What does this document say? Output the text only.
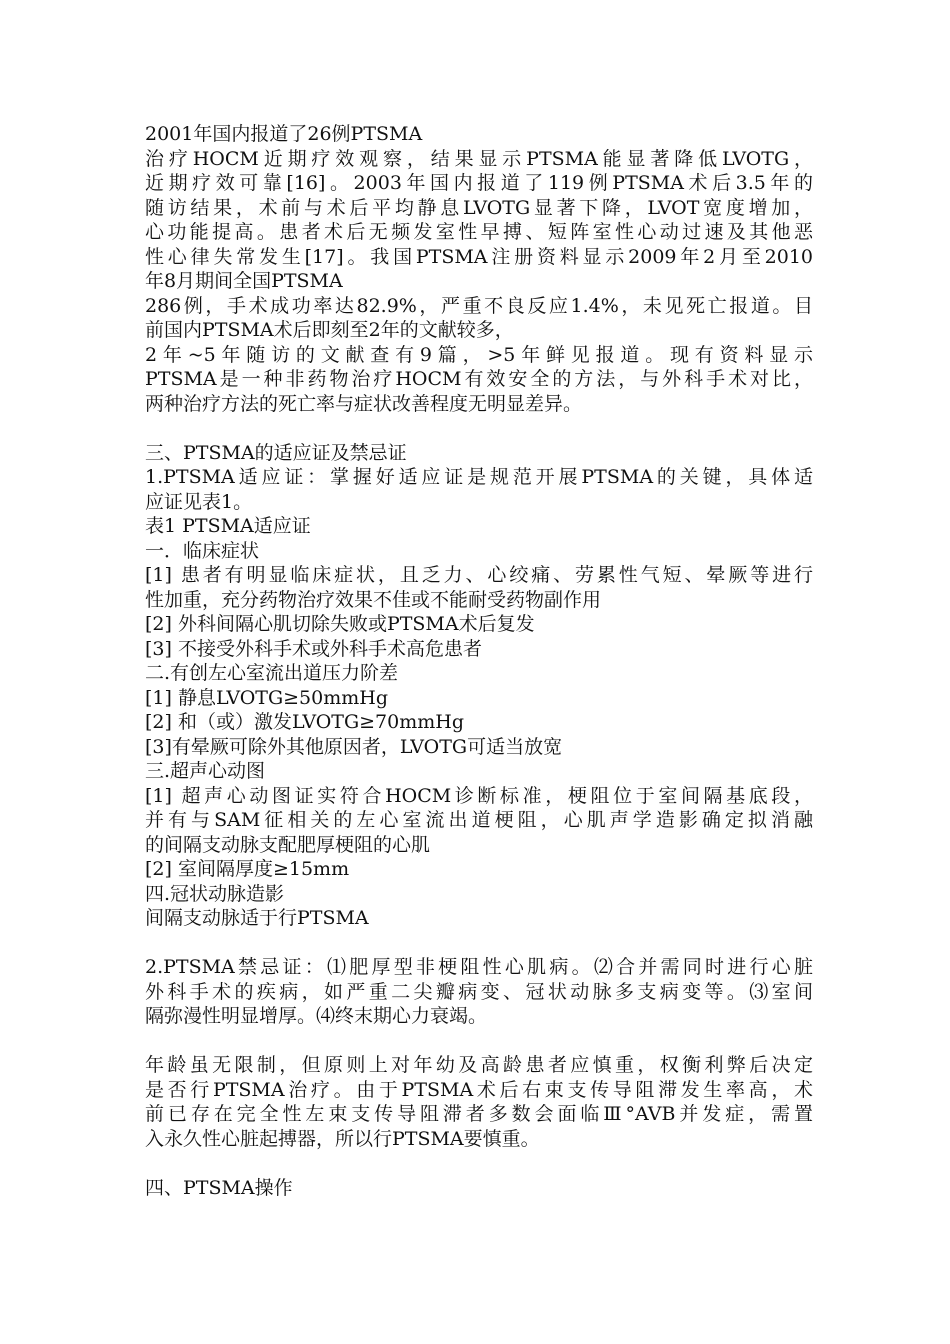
2001年国内报道了26例PTSMA
治疗HOCM近期疗效观察，结果显示PTSMA能显著降低LVOTG，
近期疗效可靠[16]。2003年国内报道了119例PTSMA术后3.5年的
随访结果，术前与术后平均静息LVOTG显著下降，LVOT宽度增加，
心功能提高。患者术后无频发室性早搏、短阵室性心动过速及其他恶
性心律失常发生[17]。我国PTSMA注册资料显示2009年2月至2010
年8月期间全国PTSMA
286例，手术成功率达82.9%，严重不良反应1.4%，未见死亡报道。目
前国内PTSMA术后即刻至2年的文献较多，
2年~5年随访的文献查有9篇，>5年鲜见报道。现有资料显示
PTSMA是一种非药物治疗HOCM有效安全的方法，与外科手术对比，
两种治疗方法的死亡率与症状改善程度无明显差异。
三、PTSMA的适应证及禁忌证
1.PTSMA适应证：掌握好适应证是规范开展PTSMA的关键，具体适
应证见表1。
表1 PTSMA适应证
一．临床症状
[1] 患者有明显临床症状，且乏力、心绞痛、劳累性气短、晕厥等进行
性加重，充分药物治疗效果不佳或不能耐受药物副作用
[2] 外科间隔心肌切除失败或PTSMA术后复发
[3] 不接受外科手术或外科手术高危患者
二.有创左心室流出道压力阶差
[1] 静息LVOTG≥50mmHg
[2] 和（或）激发LVOTG≥70mmHg
[3]有晕厥可除外其他原因者，LVOTG可适当放宽
三.超声心动图
[1] 超声心动图证实符合HOCM诊断标准，梗阻位于室间隔基底段，
并有与SAM征相关的左心室流出道梗阻，心肌声学造影确定拟消融
的间隔支动脉支配肥厚梗阻的心肌
[2] 室间隔厚度≥15mm
四.冠状动脉造影
间隔支动脉适于行PTSMA
2.PTSMA禁忌证：⑴肥厚型非梗阻性心肌病。⑵合并需同时进行心脏
外科手术的疾病，如严重二尖瓣病变、冠状动脉多支病变等。⑶室间
隔弥漫性明显增厚。⑷终末期心力衰竭。
年龄虽无限制，但原则上对年幼及高龄患者应慎重，权衡利弊后决定
是否行PTSMA治疗。由于PTSMA术后右束支传导阻滞发生率高，术
前已存在完全性左束支传导阻滞者多数会面临Ⅲ°AVB并发症，需置
入永久性心脏起搏器，所以行PTSMA要慎重。
四、PTSMA操作
